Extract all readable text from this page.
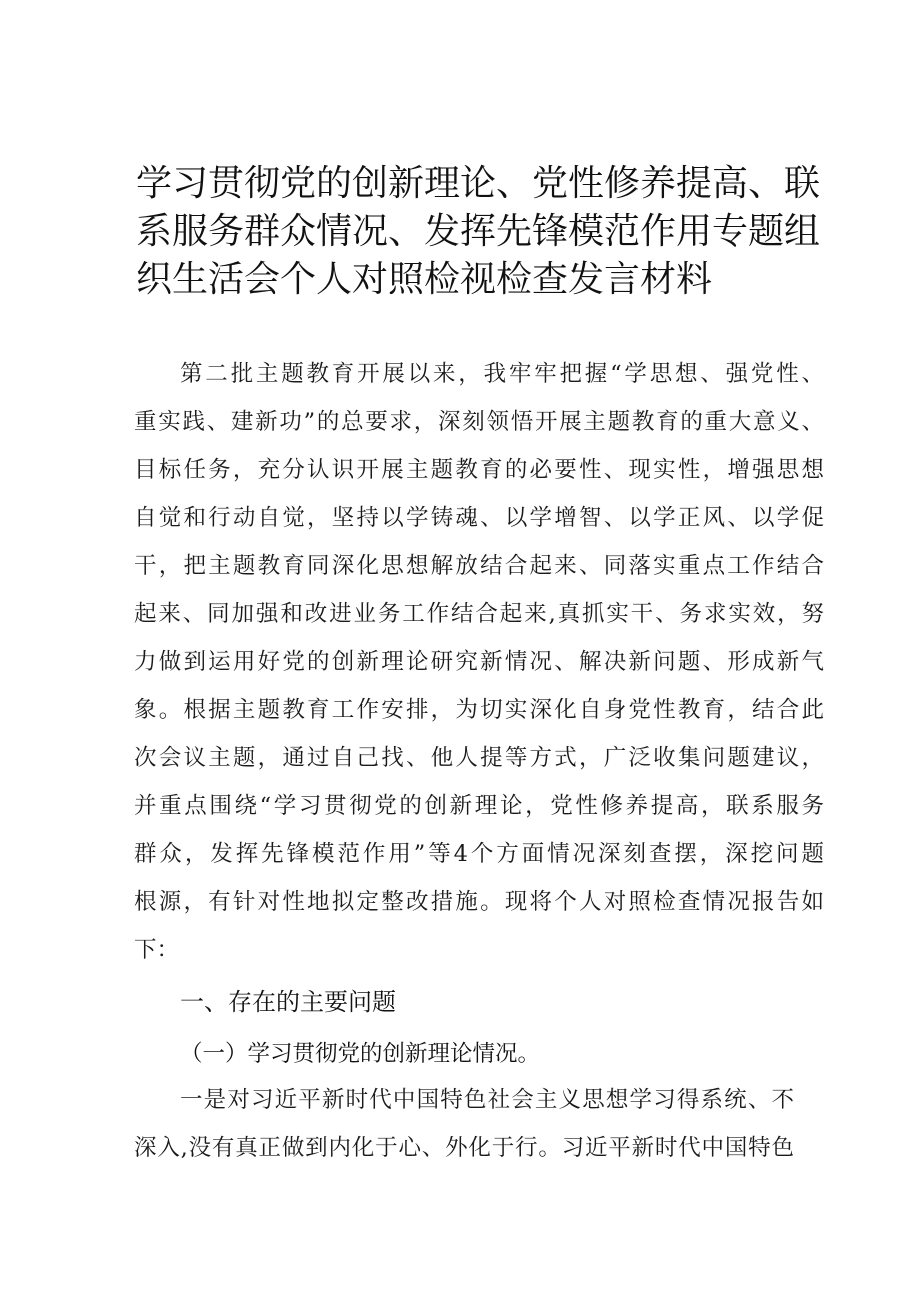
学习贯彻党的创新理论、党性修养提高、联
系服务群众情况、发挥先锋模范作用专题组
织生活会个人对照检视检查发言材料
第二批主题教育开展以来，我牢牢把握“学思想、强党性、
重实践、建新功”的总要求，深刻领悟开展主题教育的重大意义、
目标任务，充分认识开展主题教育的必要性、现实性，增强思想
自觉和行动自觉，坚持以学铸魂、以学增智、以学正风、以学促
干，把主题教育同深化思想解放结合起来、同落实重点工作结合
起来、同加强和改进业务工作结合起来,真抓实干、务求实效，努
力做到运用好党的创新理论研究新情况、解决新问题、形成新气
象。根据主题教育工作安排，为切实深化自身党性教育，结合此
次会议主题，通过自己找、他人提等方式，广泛收集问题建议，
并重点围绕“学习贯彻党的创新理论，党性修养提高，联系服务
群众，发挥先锋模范作用”等4个方面情况深刻查摆，深挖问题
根源，有针对性地拟定整改措施。现将个人对照检查情况报告如
下：
一、存在的主要问题
（一）学习贯彻党的创新理论情况。
一是对习近平新时代中国特色社会主义思想学习得系统、不
深入,没有真正做到内化于心、外化于行。习近平新时代中国特色
